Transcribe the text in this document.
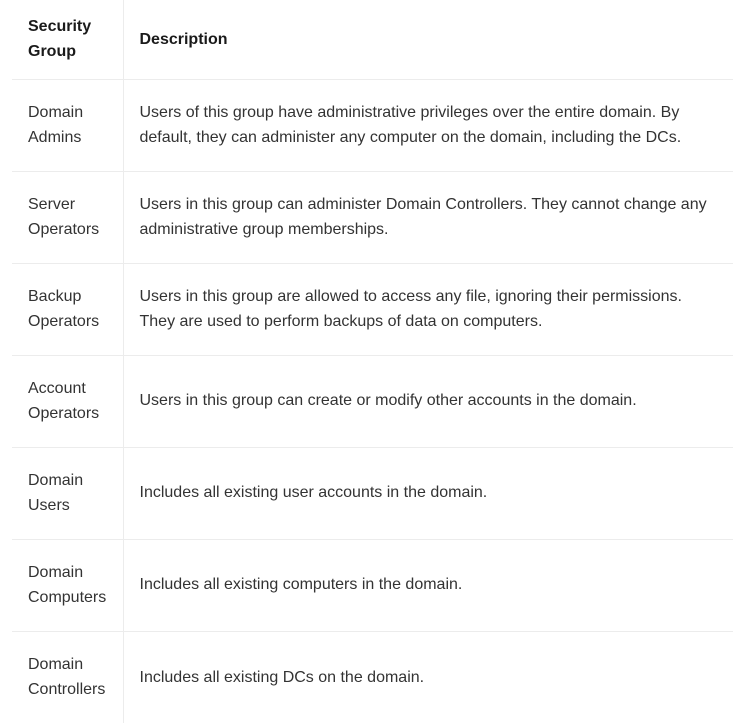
Security Group	Description
Domain Admins	Users of this group have administrative privileges over the entire domain. By default, they can administer any computer on the domain, including the DCs.
Server Operators	Users in this group can administer Domain Controllers. They cannot change any administrative group memberships.
Backup Operators	Users in this group are allowed to access any file, ignoring their permissions. They are used to perform backups of data on computers.
Account Operators	Users in this group can create or modify other accounts in the domain.
Domain Users	Includes all existing user accounts in the domain.
Domain Computers	Includes all existing computers in the domain.
Domain Controllers	Includes all existing DCs on the domain.
